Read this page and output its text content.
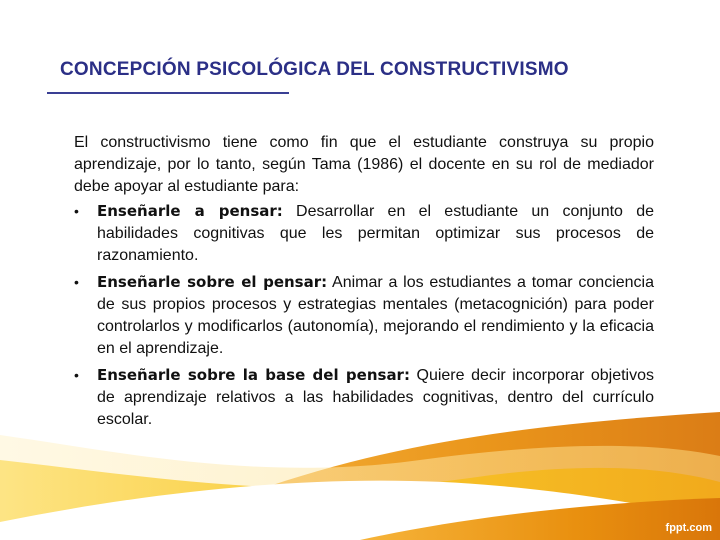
CONCEPCIÓN PSICOLÓGICA DEL CONSTRUCTIVISMO

El constructivismo tiene como fin que el estudiante construya su propio aprendizaje, por lo tanto, según Tama (1986) el docente en su rol de mediador debe apoyar al estudiante para:

• Enseñarle a pensar: Desarrollar en el estudiante un conjunto de habilidades cognitivas que les permitan optimizar sus procesos de razonamiento.
• Enseñarle sobre el pensar: Animar a los estudiantes a tomar conciencia de sus propios procesos y estrategias mentales (metacognición) para poder controlarlos y modificarlos (autonomía), mejorando el rendimiento y la eficacia en el aprendizaje.
• Enseñarle sobre la base del pensar: Quiere decir incorporar objetivos de aprendizaje relativos a las habilidades cognitivas, dentro del currículo escolar.
fppt.com
